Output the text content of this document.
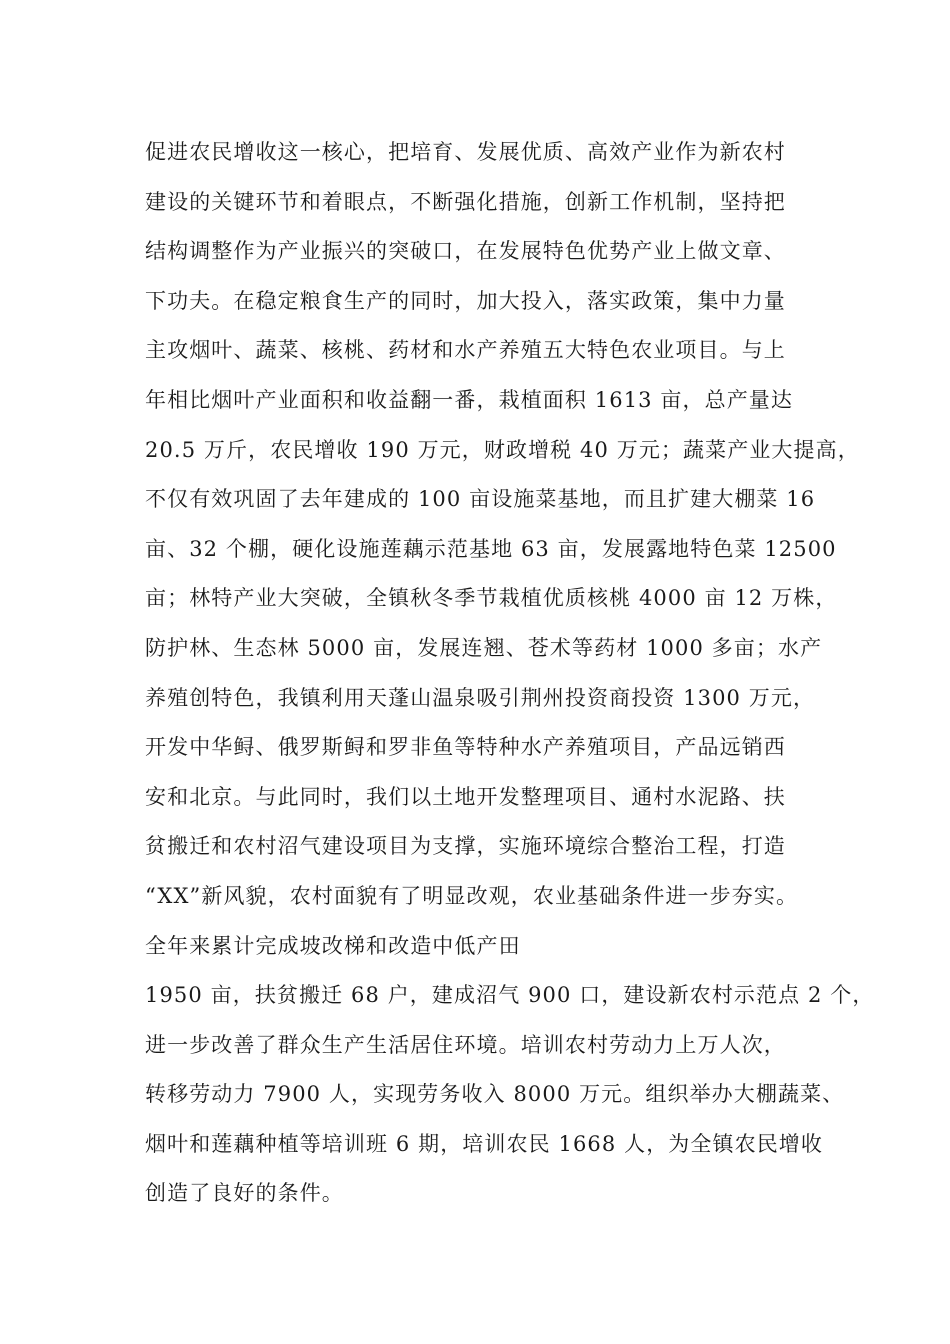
促进农民增收这一核心，把培育、发展优质、高效产业作为新农村
建设的关键环节和着眼点，不断强化措施，创新工作机制，坚持把
结构调整作为产业振兴的突破口，在发展特色优势产业上做文章、
下功夫。在稳定粮食生产的同时，加大投入，落实政策，集中力量
主攻烟叶、蔬菜、核桃、药材和水产养殖五大特色农业项目。与上
年相比烟叶产业面积和收益翻一番，栽植面积 1613 亩，总产量达
20.5 万斤，农民增收 190 万元，财政增税 40 万元；蔬菜产业大提高，
不仅有效巩固了去年建成的 100 亩设施菜基地，而且扩建大棚菜 16
亩、32 个棚，硬化设施莲藕示范基地 63 亩，发展露地特色菜 12500
亩；林特产业大突破，全镇秋冬季节栽植优质核桃 4000 亩 12 万株，
防护林、生态林 5000 亩，发展连翘、苍术等药材 1000 多亩；水产
养殖创特色，我镇利用天蓬山温泉吸引荆州投资商投资 1300 万元，
开发中华鲟、俄罗斯鲟和罗非鱼等特种水产养殖项目，产品远销西
安和北京。与此同时，我们以土地开发整理项目、通村水泥路、扶
贫搬迁和农村沼气建设项目为支撑，实施环境综合整治工程，打造
“XX”新风貌，农村面貌有了明显改观，农业基础条件进一步夯实。
全年来累计完成坡改梯和改造中低产田
1950 亩，扶贫搬迁 68 户，建成沼气 900 口，建设新农村示范点 2 个，
进一步改善了群众生产生活居住环境。培训农村劳动力上万人次，
转移劳动力 7900 人，实现劳务收入 8000 万元。组织举办大棚蔬菜、
烟叶和莲藕种植等培训班 6 期，培训农民 1668 人，为全镇农民增收
创造了良好的条件。
